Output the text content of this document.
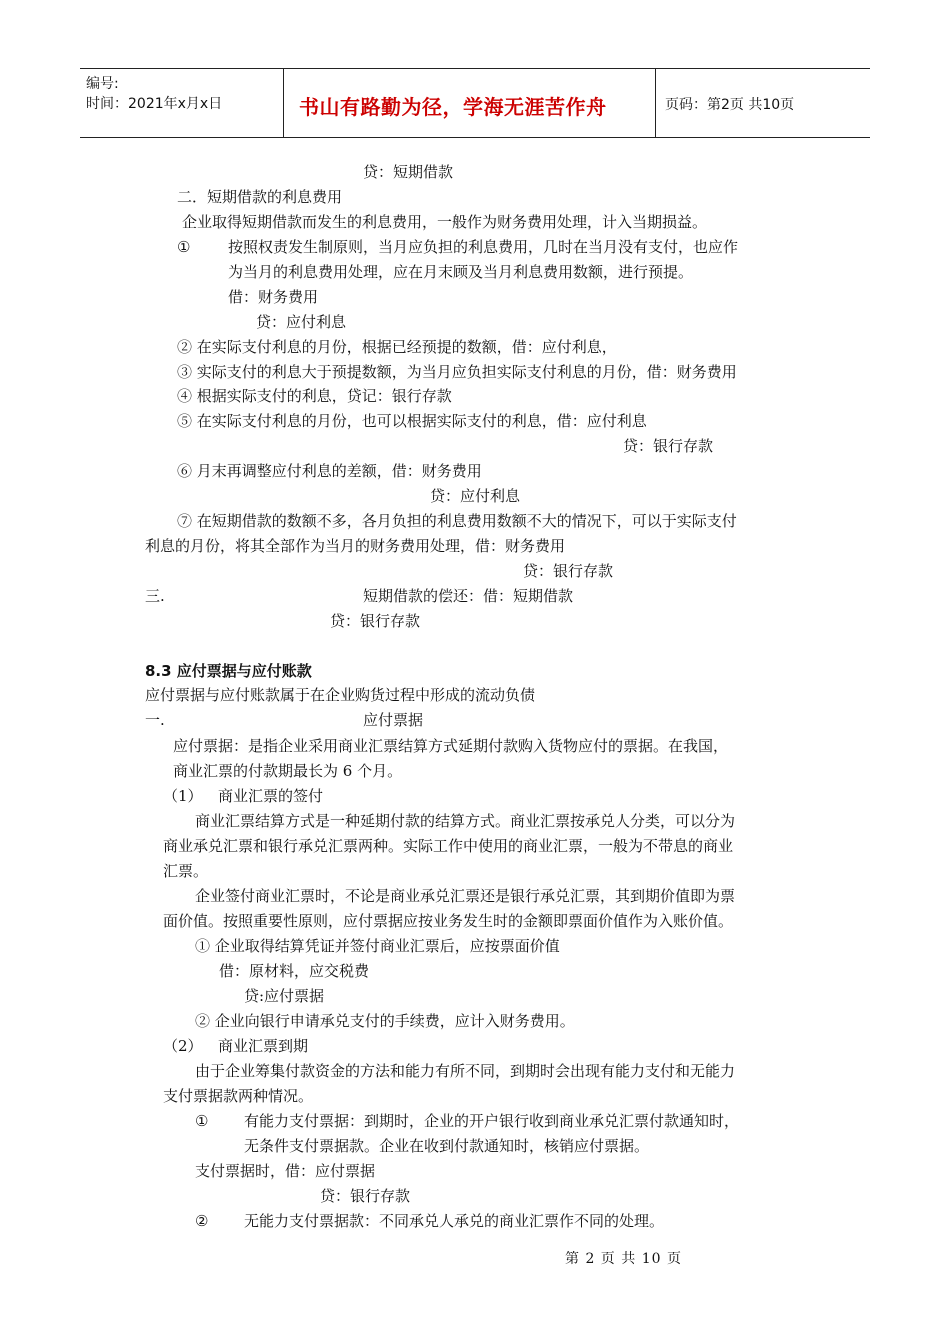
编号:
时间：2021年x月x日	书山有路勤为径，学海无涯苦作舟	页码：第2页 共10页
贷：短期借款
二．短期借款的利息费用
企业取得短期借款而发生的利息费用，一般作为财务费用处理，计入当期损益。
①	按照权责发生制原则，当月应负担的利息费用，几时在当月没有支付，也应作
为当月的利息费用处理，应在月末顾及当月利息费用数额，进行预提。
借：财务费用
贷：应付利息
② 在实际支付利息的月份，根据已经预提的数额，借：应付利息，
③ 实际支付的利息大于预提数额，为当月应负担实际支付利息的月份，借：财务费用
④ 根据实际支付的利息，贷记：银行存款
⑤ 在实际支付利息的月份，也可以根据实际支付的利息，借：应付利息
贷：银行存款
⑥ 月末再调整应付利息的差额，借：财务费用
贷：应付利息
⑦ 在短期借款的数额不多，各月负担的利息费用数额不大的情况下，可以于实际支付
利息的月份，将其全部作为当月的财务费用处理，借：财务费用
贷：银行存款
三.	短期借款的偿还：借：短期借款
贷：银行存款
8.3 应付票据与应付账款
应付票据与应付账款属于在企业购货过程中形成的流动负债
一.	应付票据
应付票据：是指企业采用商业汇票结算方式延期付款购入货物应付的票据。在我国，
商业汇票的付款期最长为 6 个月。
（1） 商业汇票的签付
商业汇票结算方式是一种延期付款的结算方式。商业汇票按承兑人分类，可以分为
商业承兑汇票和银行承兑汇票两种。实际工作中使用的商业汇票，一般为不带息的商业
汇票。
企业签付商业汇票时，不论是商业承兑汇票还是银行承兑汇票，其到期价值即为票
面价值。按照重要性原则，应付票据应按业务发生时的金额即票面价值作为入账价值。
① 企业取得结算凭证并签付商业汇票后，应按票面价值
借：原材料，应交税费
贷:应付票据
② 企业向银行申请承兑支付的手续费，应计入财务费用。
（2） 商业汇票到期
由于企业筹集付款资金的方法和能力有所不同，到期时会出现有能力支付和无能力
支付票据款两种情况。
① 有能力支付票据：到期时，企业的开户银行收到商业承兑汇票付款通知时，
无条件支付票据款。企业在收到付款通知时，核销应付票据。
支付票据时，借：应付票据
贷：银行存款
② 无能力支付票据款：不同承兑人承兑的商业汇票作不同的处理。
第 2 页 共 10 页
